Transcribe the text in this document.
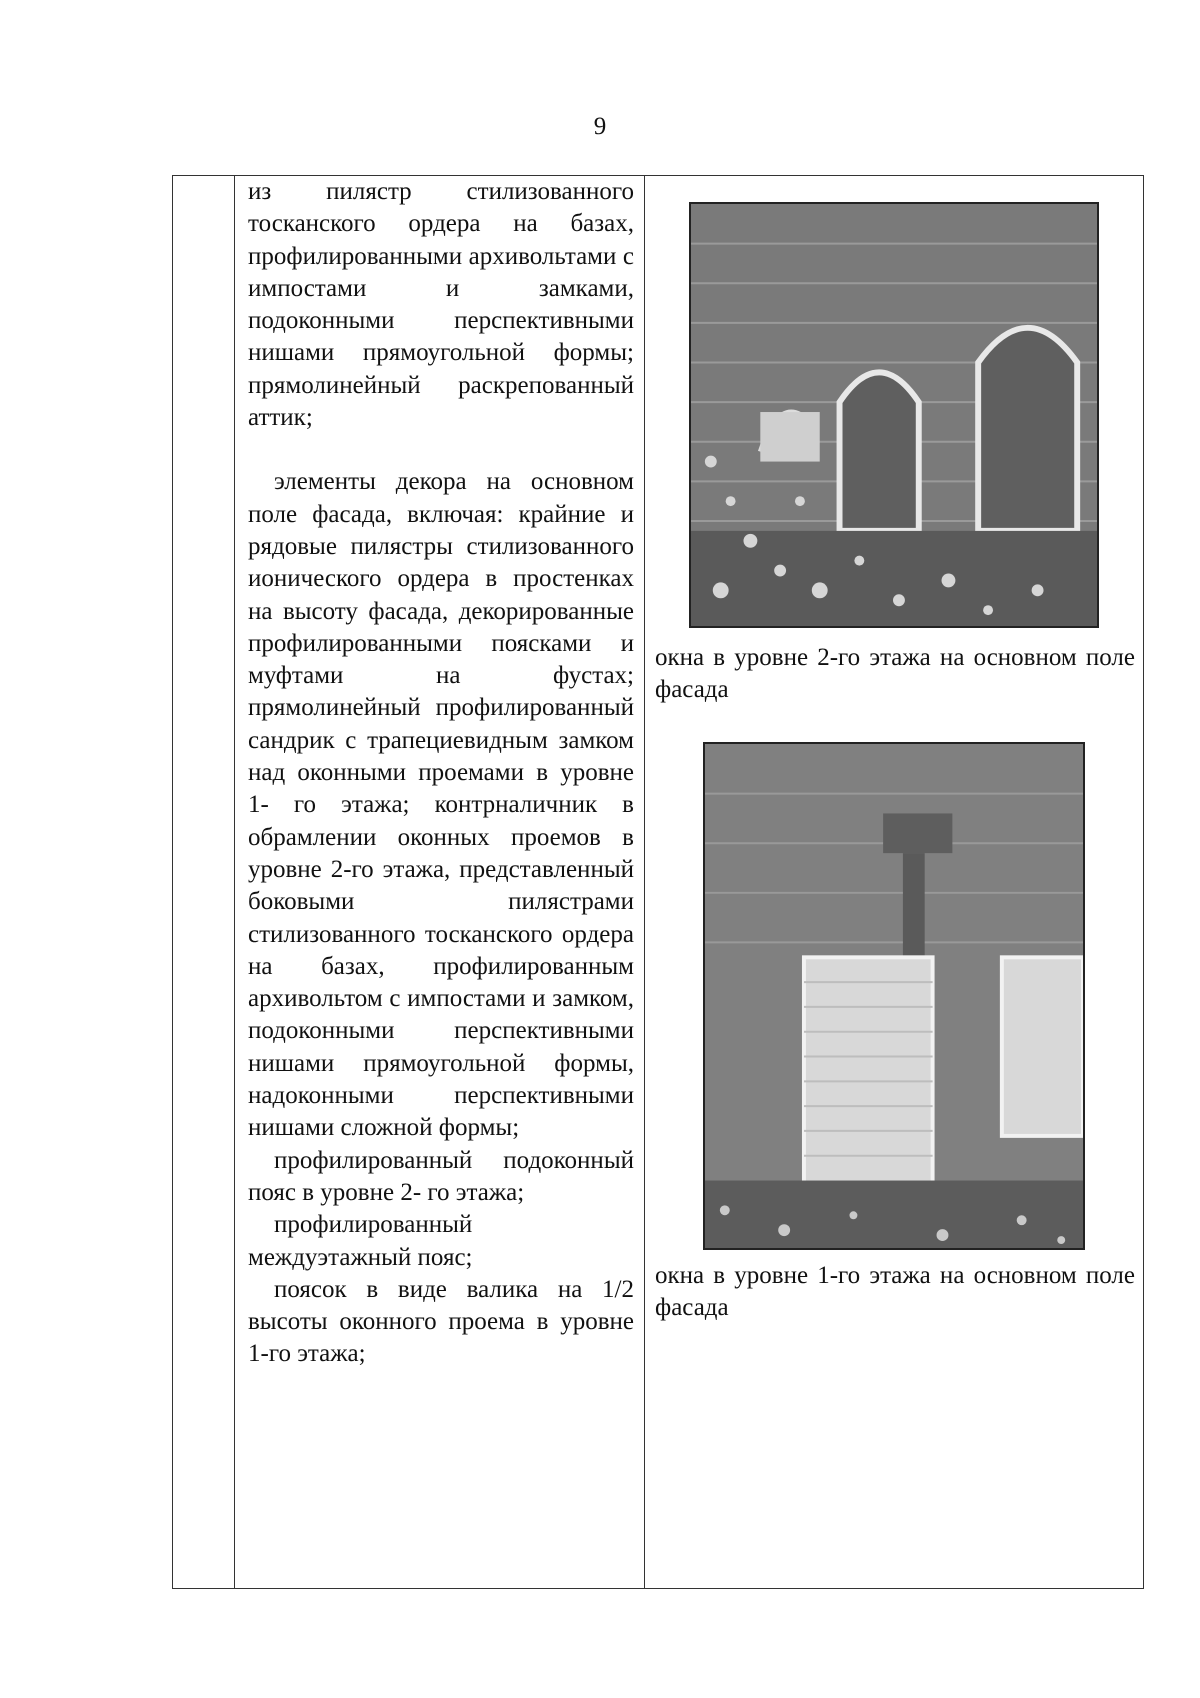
9

из пилястр стилизованного тосканского ордера на базах, профилированными архивольтами с импостами и замками, подоконными перспективными нишами прямоугольной формы; прямолинейный раскрепованный аттик;

элементы декора на основном поле фасада, включая: крайние и рядовые пилястры стилизованного ионического ордера в простенках на высоту фасада, декорированные профилированными поясками и муфтами на фустах; прямолинейный профилированный сандрик с трапециевидным замком над оконными проемами в уровне 1- го этажа; контрналичник в обрамлении оконных проемов в уровне 2-го этажа, представленный боковыми пилястрами стилизованного тосканского ордера на базах, профилированным архивольтом с импостами и замком, подоконными перспективными нишами прямоугольной формы, надоконными перспективными нишами сложной формы;

профилированный подоконный пояс в уровне 2- го этажа;

профилированный междуэтажный пояс;

поясок в виде валика на 1/2 высоты оконного проема в уровне 1-го этажа;

окна в уровне 2-го этажа на основном поле фасада
окна в уровне 1-го этажа на основном поле фасада
